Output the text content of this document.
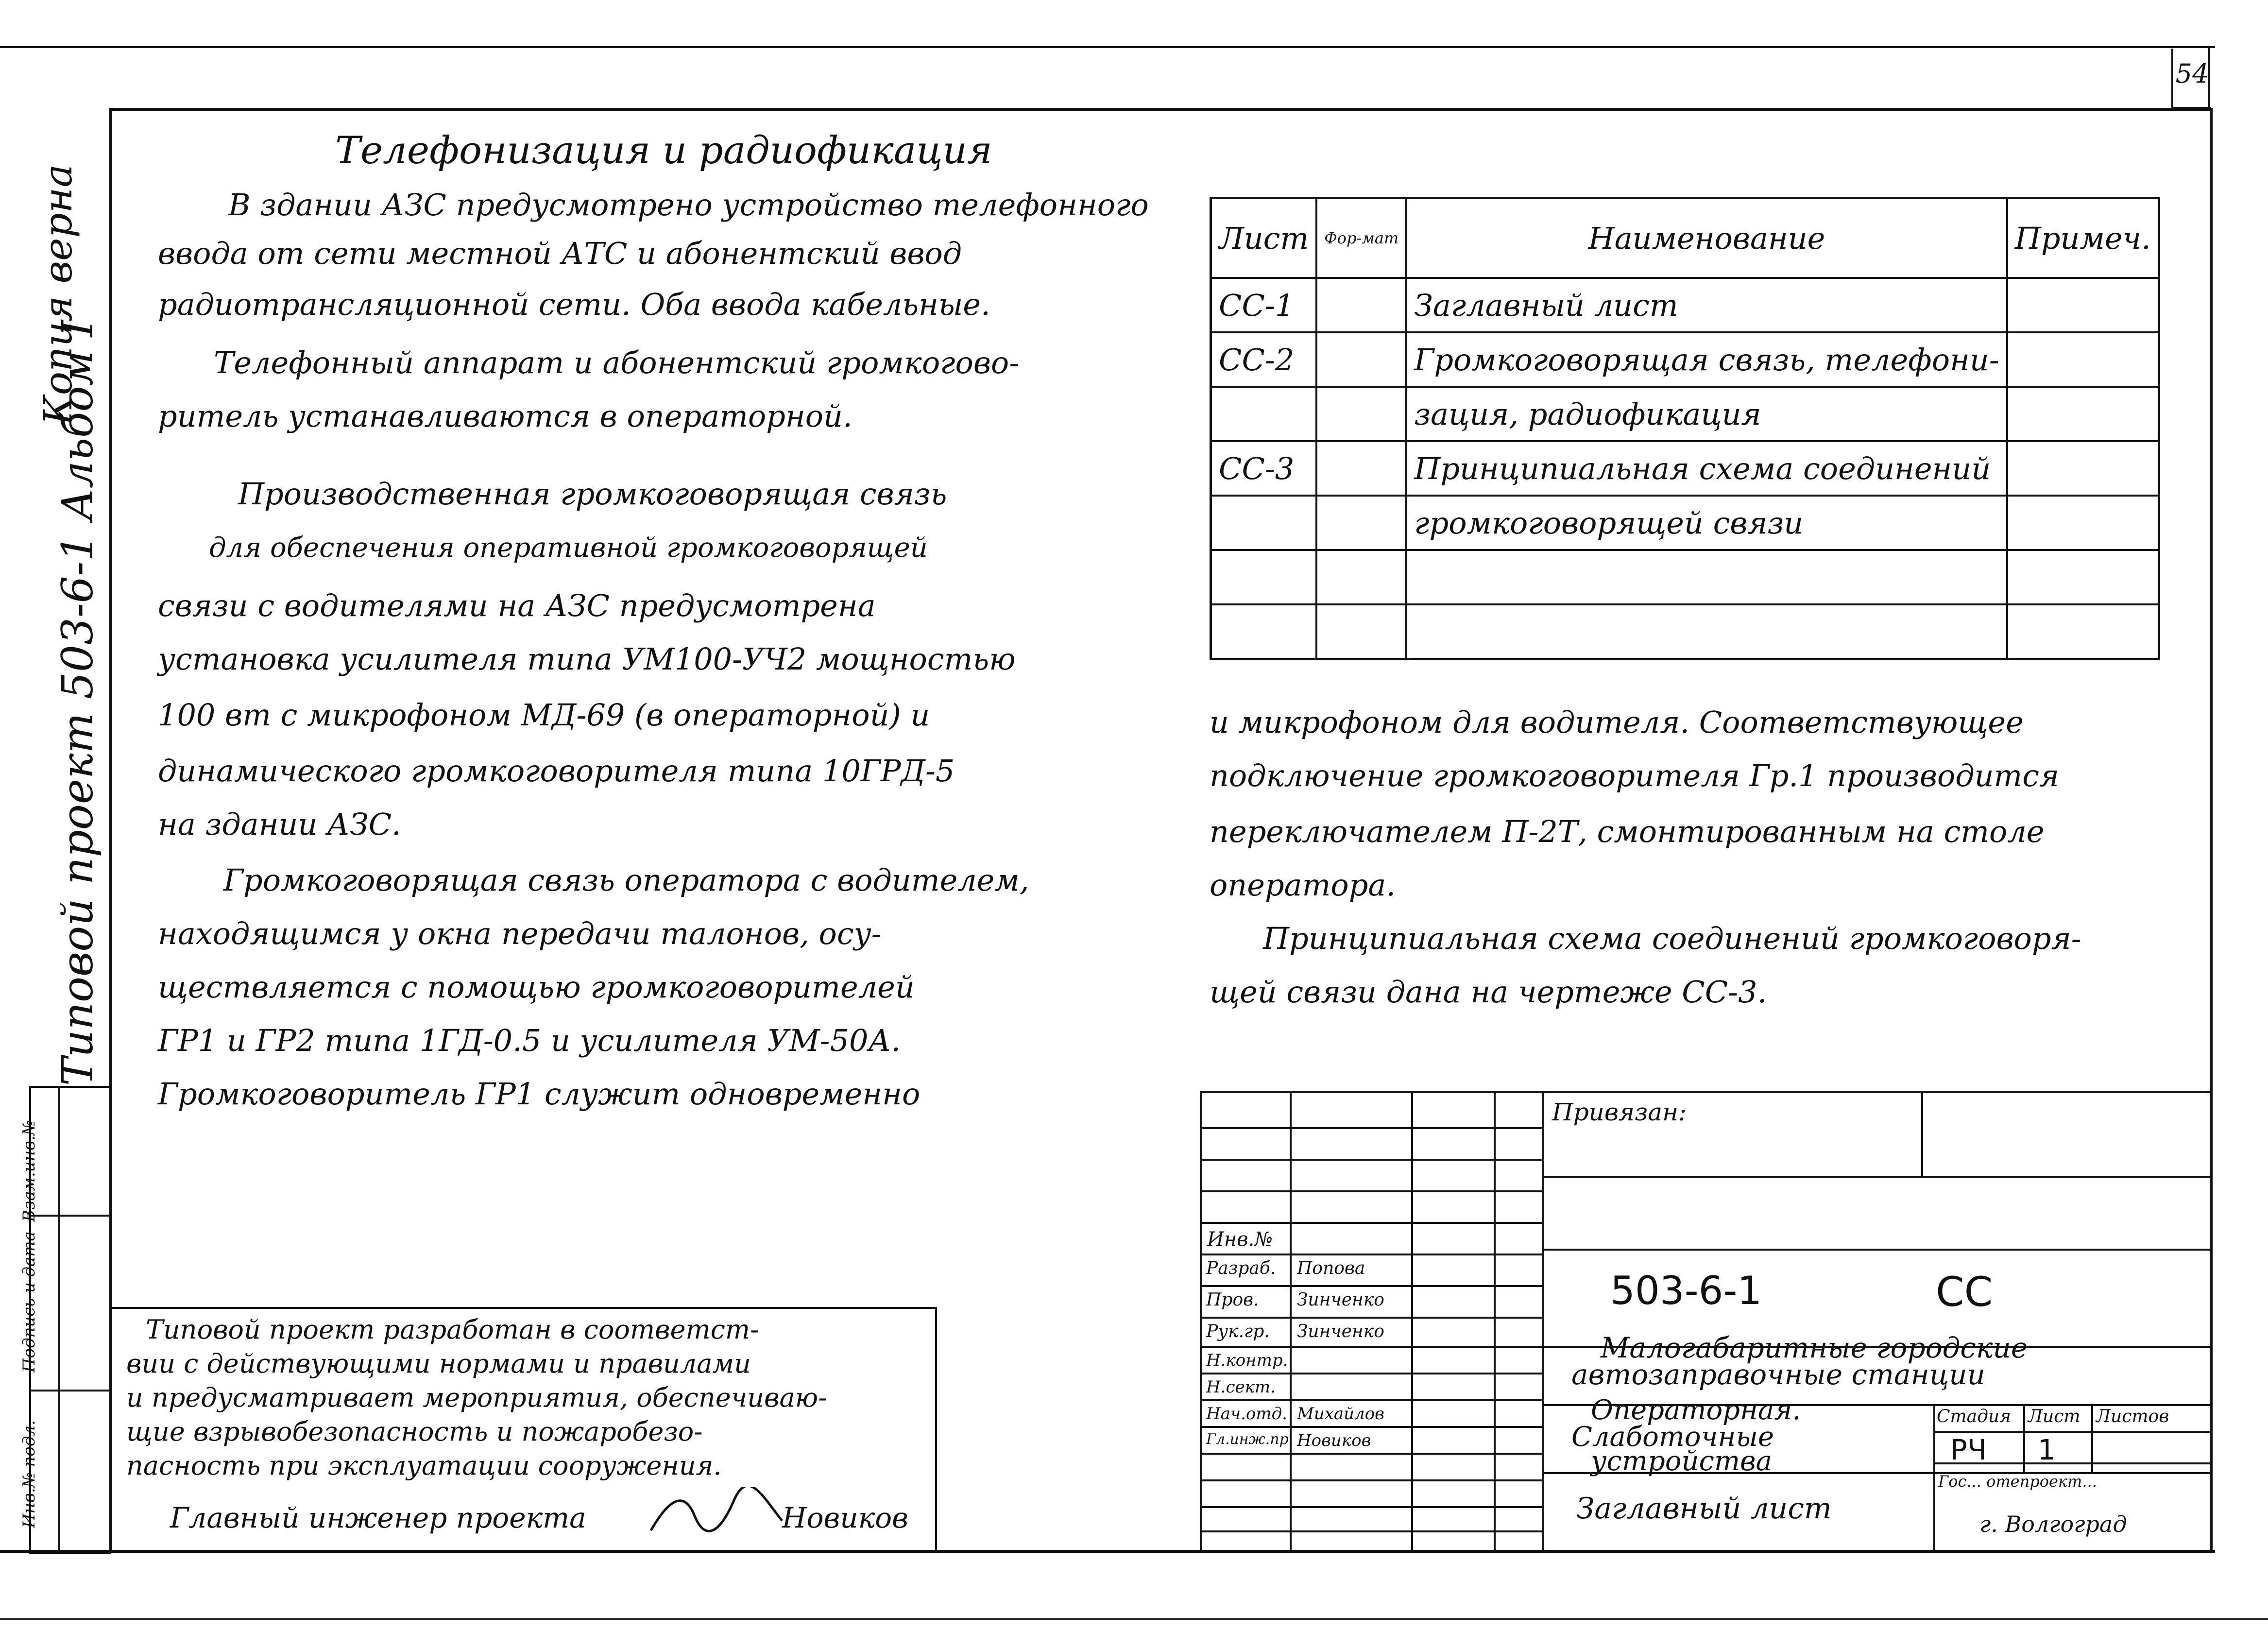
54
Копия верна
Типовой проект 503-6-1 Альбом I
Взам.инв.№
Подпись и дата
Инв.№ подл.
Телефонизация и радиофикация
В здании АЗС предусмотрено устройство телефонного
ввода от сети местной АТС и абонентский ввод
радиотрансляционной сети. Оба ввода кабельные.
Телефонный аппарат и абонентский громкогово-
ритель устанавливаются в операторной.
Производственная громкоговорящая связь
для обеспечения оперативной громкоговорящей
связи с водителями на АЗС предусмотрена
установка усилителя типа УМ100-УЧ2 мощностью
100 вт с микрофоном МД-69 (в операторной) и
динамического громкоговорителя типа 10ГРД-5
на здании АЗС.
Громкоговорящая связь оператора с водителем,
находящимся у окна передачи талонов, осу-
ществляется с помощью громкоговорителей
ГР1 и ГР2 типа 1ГД-0.5 и усилителя УМ-50А.
Громкоговоритель ГР1 служит одновременно
Лист	Фор-мат	Наименование	Примеч.
СС-1		Заглавный лист	
СС-2		Громкоговорящая связь, телефони-	
		зация, радиофикация	
СС-3		Принципиальная схема соединений	
		громкоговорящей связи	

и микрофоном для водителя. Соответствующее
подключение громкоговорителя Гр.1 производится
переключателем П-2Т, смонтированным на столе
оператора.
Принципиальная схема соединений громкоговоря-
щей связи дана на чертеже СС-3.
Типовой проект разработан в соответст-
вии с действующими нормами и правилами
и предусматривает мероприятия, обеспечиваю-
щие взрывобезопасность и пожаробезо-
пасность при эксплуатации сооружения.
Главный инженер проекта	Новиков
Привязан:
Инв.№
Разраб. Попова
Пров. Зинченко
Рук.гр. Зинченко
Н.контр.
Н.сект.
Нач.отд. Михайлов
Гл.инж.пр. Новиков
503-6-1	СС
Малогабаритные городские
автозаправочные станции
Операторная.
Слаботочные
устройства
Заглавный лист
Стадия Лист Листов
РЧ 1
Гос... отепроект...
г. Волгоград
